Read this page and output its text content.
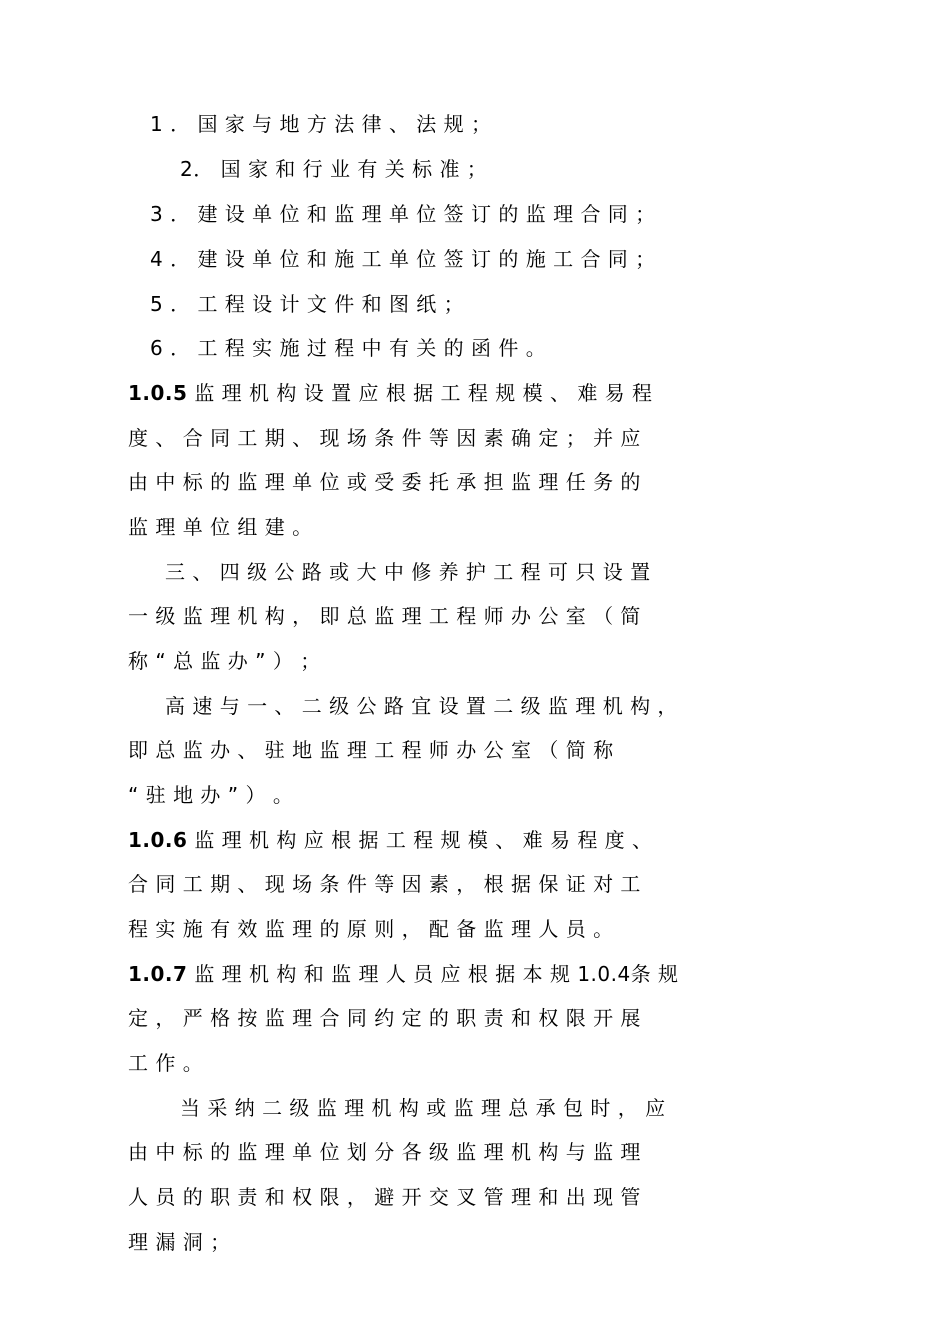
1 ． 国 家 与 地 方 法 律 、 法 规 ；
2． 国 家 和 行 业 有 关 标 准 ；
3 ． 建 设 单 位 和 监 理 单 位 签 订 的 监 理 合 同 ；
4 ． 建 设 单 位 和 施 工 单 位 签 订 的 施 工 合 同 ；
5 ． 工 程 设 计 文 件 和 图 纸 ；
6 ． 工 程 实 施 过 程 中 有 关 的 函 件 。
1.0.5 监 理 机 构 设 置 应 根 据 工 程 规 模 、 难 易 程
度 、 合 同 工 期 、 现 场 条 件 等 因 素 确 定 ； 并 应
由 中 标 的 监 理 单 位 或 受 委 托 承 担 监 理 任 务 的
监 理 单 位 组 建 。
三 、 四 级 公 路 或 大 中 修 养 护 工 程 可 只 设 置
一 级 监 理 机 构 ， 即 总 监 理 工 程 师 办 公 室 （ 简
称 “ 总 监 办 ” ） ；
高 速 与 一 、 二 级 公 路 宜 设 置 二 级 监 理 机 构 ，
即 总 监 办 、 驻 地 监 理 工 程 师 办 公 室 （ 简 称
“ 驻 地 办 ” ） 。
1.0.6 监 理 机 构 应 根 据 工 程 规 模 、 难 易 程 度 、
合 同 工 期 、 现 场 条 件 等 因 素 ， 根 据 保 证 对 工
程 实 施 有 效 监 理 的 原 则 ， 配 备 监 理 人 员 。
1.0.7 监 理 机 构 和 监 理 人 员 应 根 据 本 规 1.0.4条 规
定 ， 严 格 按 监 理 合 同 约 定 的 职 责 和 权 限 开 展
工 作 。
当 采 纳 二 级 监 理 机 构 或 监 理 总 承 包 时 ， 应
由 中 标 的 监 理 单 位 划 分 各 级 监 理 机 构 与 监 理
人 员 的 职 责 和 权 限 ， 避 开 交 叉 管 理 和 出 现 管
理 漏 洞 ；
